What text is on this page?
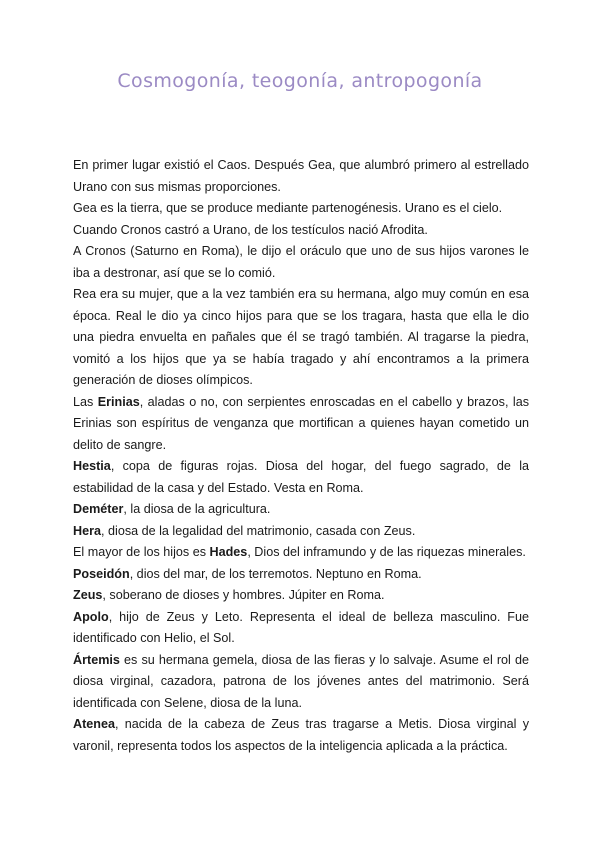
Cosmogonía, teogonía, antropogonía

En primer lugar existió el Caos. Después Gea, que alumbró primero al estrellado Urano con sus mismas proporciones.

Gea es la tierra, que se produce mediante partenogénesis. Urano es el cielo.

Cuando Cronos castró a Urano, de los testículos nació Afrodita.

A Cronos (Saturno en Roma), le dijo el oráculo que uno de sus hijos varones le iba a destronar, así que se lo comió.

Rea era su mujer, que a la vez también era su hermana, algo muy común en esa época. Real le dio ya cinco hijos para que se los tragara, hasta que ella le dio una piedra envuelta en pañales que él se tragó también. Al tragarse la piedra, vomitó a los hijos que ya se había tragado y ahí encontramos a la primera generación de dioses olímpicos.

Las Erinias, aladas o no, con serpientes enroscadas en el cabello y brazos, las Erinias son espíritus de venganza que mortifican a quienes hayan cometido un delito de sangre.

Hestia, copa de figuras rojas. Diosa del hogar, del fuego sagrado, de la estabilidad de la casa y del Estado. Vesta en Roma.

Deméter, la diosa de la agricultura.

Hera, diosa de la legalidad del matrimonio, casada con Zeus.

El mayor de los hijos es Hades, Dios del inframundo y de las riquezas minerales.

Poseidón, dios del mar, de los terremotos. Neptuno en Roma.

Zeus, soberano de dioses y hombres. Júpiter en Roma.

Apolo, hijo de Zeus y Leto. Representa el ideal de belleza masculino. Fue identificado con Helio, el Sol.

Ártemis es su hermana gemela, diosa de las fieras y lo salvaje. Asume el rol de diosa virginal, cazadora, patrona de los jóvenes antes del matrimonio. Será identificada con Selene, diosa de la luna.

Atenea, nacida de la cabeza de Zeus tras tragarse a Metis. Diosa virginal y varonil, representa todos los aspectos de la inteligencia aplicada a la práctica.
